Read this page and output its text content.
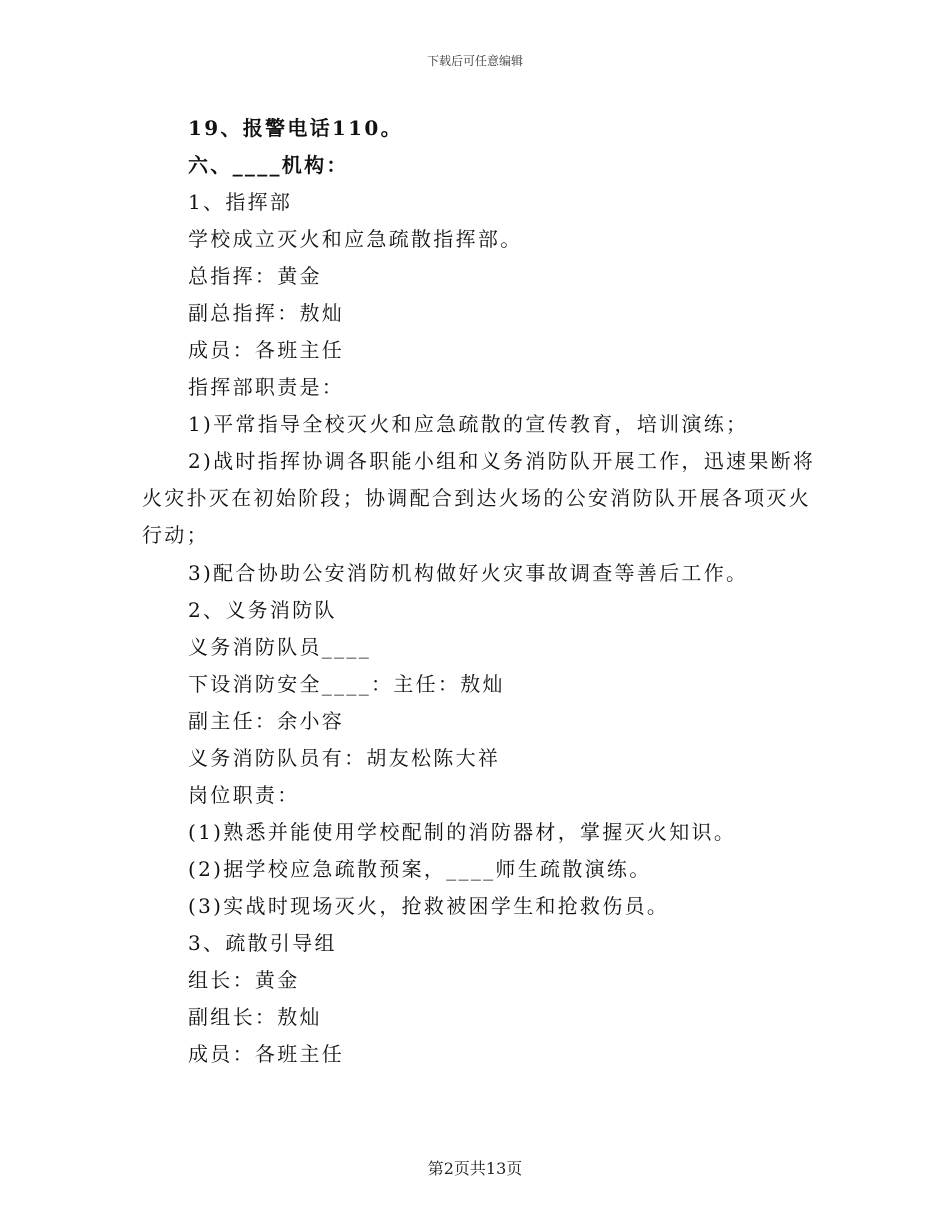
下载后可任意编辑
19、报警电话110。
六、____机构：
1、指挥部
学校成立灭火和应急疏散指挥部。
总指挥：黄金
副总指挥：敖灿
成员：各班主任
指挥部职责是：
1)平常指导全校灭火和应急疏散的宣传教育，培训演练；
2)战时指挥协调各职能小组和义务消防队开展工作，迅速果断将
火灾扑灭在初始阶段；协调配合到达火场的公安消防队开展各项灭火
行动；
3)配合协助公安消防机构做好火灾事故调查等善后工作。
2、义务消防队
义务消防队员____
下设消防安全____：主任：敖灿
副主任：余小容
义务消防队员有：胡友松陈大祥
岗位职责：
(1)熟悉并能使用学校配制的消防器材，掌握灭火知识。
(2)据学校应急疏散预案，____师生疏散演练。
(3)实战时现场灭火，抢救被困学生和抢救伤员。
3、疏散引导组
组长：黄金
副组长：敖灿
成员：各班主任
第2页共13页
